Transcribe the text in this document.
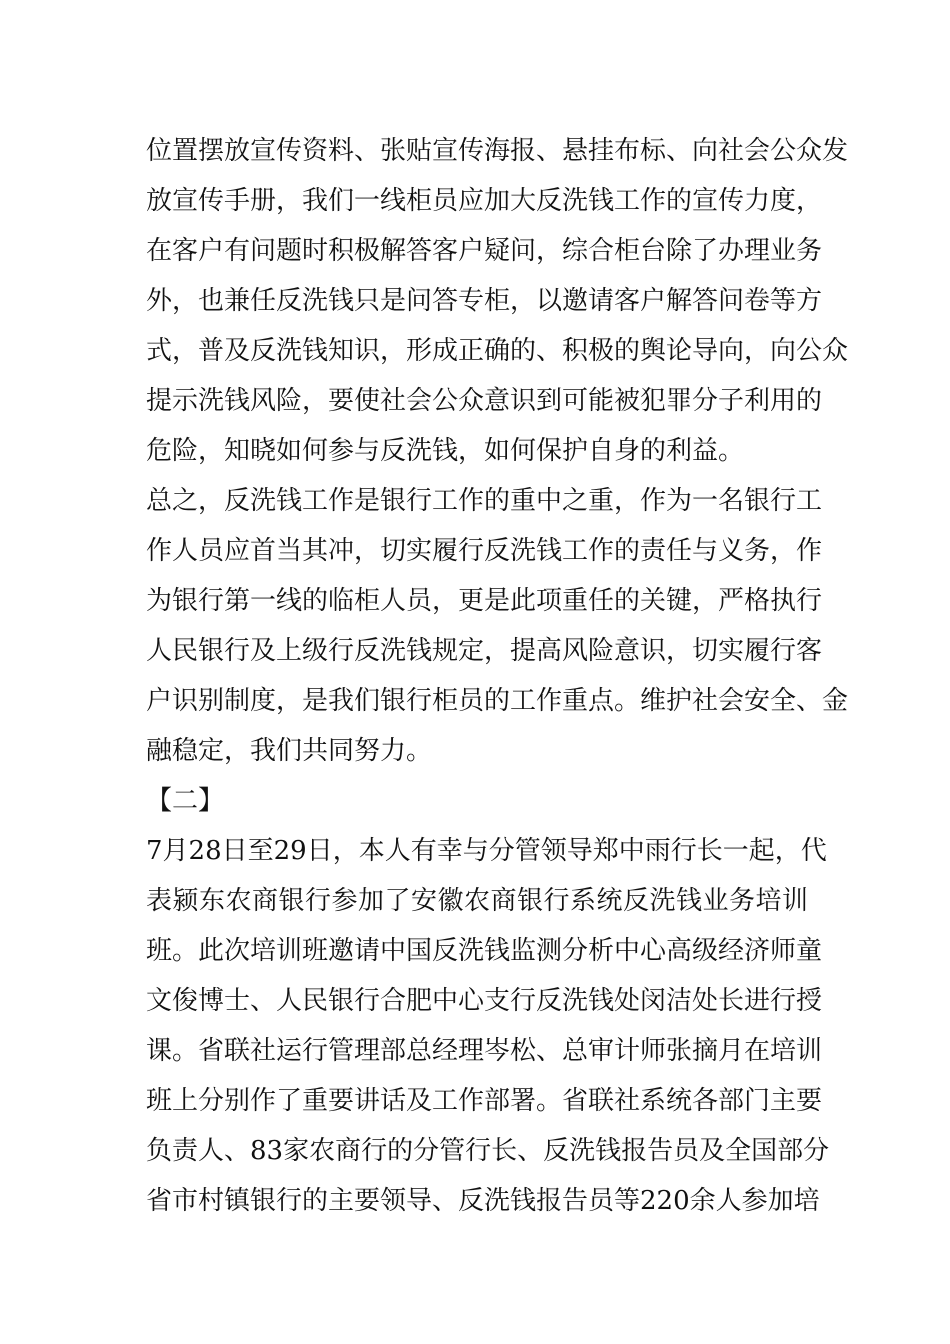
位置摆放宣传资料、张贴宣传海报、悬挂布标、向社会公众发
放宣传手册，我们一线柜员应加大反洗钱工作的宣传力度，
在客户有问题时积极解答客户疑问，综合柜台除了办理业务
外，也兼任反洗钱只是问答专柜，以邀请客户解答问卷等方
式，普及反洗钱知识，形成正确的、积极的舆论导向，向公众
提示洗钱风险，要使社会公众意识到可能被犯罪分子利用的
危险，知晓如何参与反洗钱，如何保护自身的利益。
总之，反洗钱工作是银行工作的重中之重，作为一名银行工
作人员应首当其冲，切实履行反洗钱工作的责任与义务，作
为银行第一线的临柜人员，更是此项重任的关键，严格执行
人民银行及上级行反洗钱规定，提高风险意识，切实履行客
户识别制度，是我们银行柜员的工作重点。维护社会安全、金
融稳定，我们共同努力。
【二】
7月28日至29日，本人有幸与分管领导郑中雨行长一起，代
表颍东农商银行参加了安徽农商银行系统反洗钱业务培训
班。此次培训班邀请中国反洗钱监测分析中心高级经济师童
文俊博士、人民银行合肥中心支行反洗钱处闵洁处长进行授
课。省联社运行管理部总经理岑松、总审计师张摘月在培训
班上分别作了重要讲话及工作部署。省联社系统各部门主要
负责人、83家农商行的分管行长、反洗钱报告员及全国部分
省市村镇银行的主要领导、反洗钱报告员等220余人参加培
